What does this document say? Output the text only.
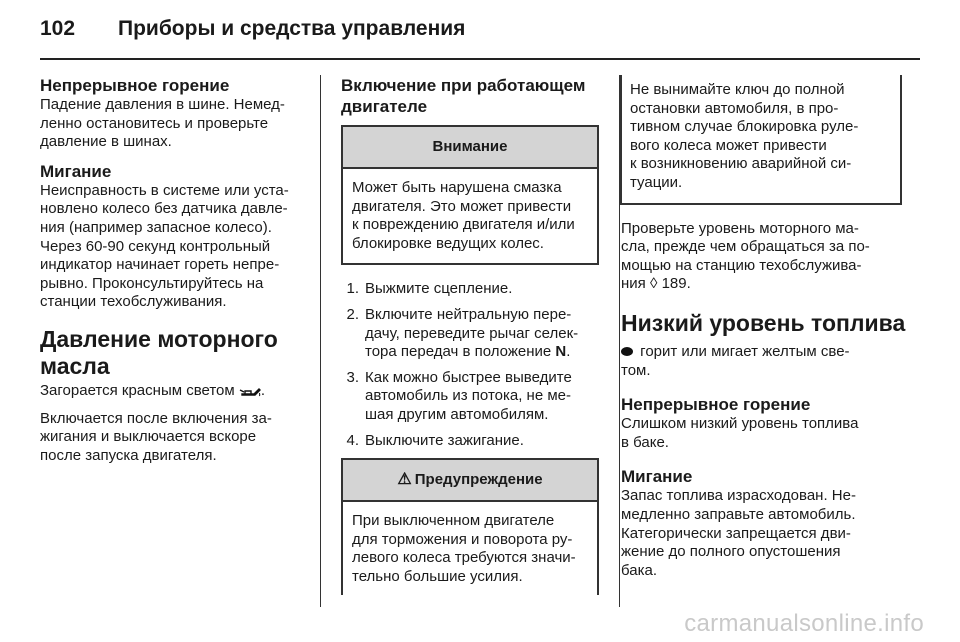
102	Приборы и средства управления
Непрерывное горение

Падение давления в шине. Немед-
ленно остановитесь и проверьте
давление в шинах.

Мигание

Неисправность в системе или уста-
новлено колесо без датчика давле-
ния (например запасное колесо).
Через 60-90 секунд контрольный
индикатор начинает гореть непре-
рывно. Проконсультируйтесь на
станции техобслуживания.

Давление моторного
масла

Загорается красным светом .

Включается после включения за-
жигания и выключается вскоре
после запуска двигателя.

Включение при работающем
двигателе
Внимание

Может быть нарушена смазка
двигателя. Это может привести
к повреждению двигателя и/или
блокировке ведущих колес.

1. Выжмите сцепление.
2. Включите нейтральную пере-
дачу, переведите рычаг селек-
тора передач в положение N.
3. Как можно быстрее выведите
автомобиль из потока, не ме-
шая другим автомобилям.
4. Выключите зажигание.
⚠ Предупреждение

При выключенном двигателе
для торможения и поворота ру-
левого колеса требуются значи-
тельно большие усилия.

Не вынимайте ключ до полной
остановки автомобиля, в про-
тивном случае блокировка руле-
вого колеса может привести
к возникновению аварийной си-
туации.

Проверьте уровень моторного ма-
сла, прежде чем обращаться за по-
мощью на станцию техобслужива-
ния ◊ 189.

Низкий уровень топлива

горит или мигает желтым све-
том.

Непрерывное горение

Слишком низкий уровень топлива
в баке.

Мигание

Запас топлива израсходован. Не-
медленно заправьте автомобиль.
Категорически запрещается дви-
жение до полного опустошения
бака.

carmanualsonline.info
